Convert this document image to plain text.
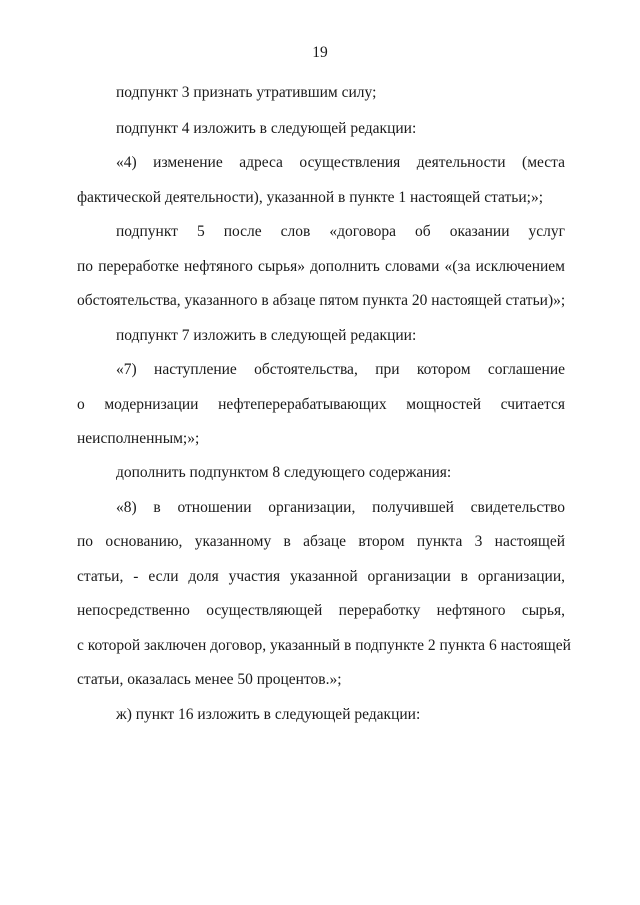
19
подпункт 3 признать утратившим силу;
подпункт 4 изложить в следующей редакции:
«4) изменение адреса осуществления деятельности (места
фактической деятельности), указанной в пункте 1 настоящей статьи;»;
подпункт 5 после слов «договора об оказании услуг
по переработке нефтяного сырья» дополнить словами «(за исключением
обстоятельства, указанного в абзаце пятом пункта 20 настоящей статьи)»;
подпункт 7 изложить в следующей редакции:
«7) наступление обстоятельства, при котором соглашение
о модернизации нефтеперерабатывающих мощностей считается
неисполненным;»;
дополнить подпунктом 8 следующего содержания:
«8) в отношении организации, получившей свидетельство
по основанию, указанному в абзаце втором пункта 3 настоящей
статьи, - если доля участия указанной организации в организации,
непосредственно осуществляющей переработку нефтяного сырья,
с которой заключен договор, указанный в подпункте 2 пункта 6 настоящей
статьи, оказалась менее 50 процентов.»;
ж) пункт 16 изложить в следующей редакции:
